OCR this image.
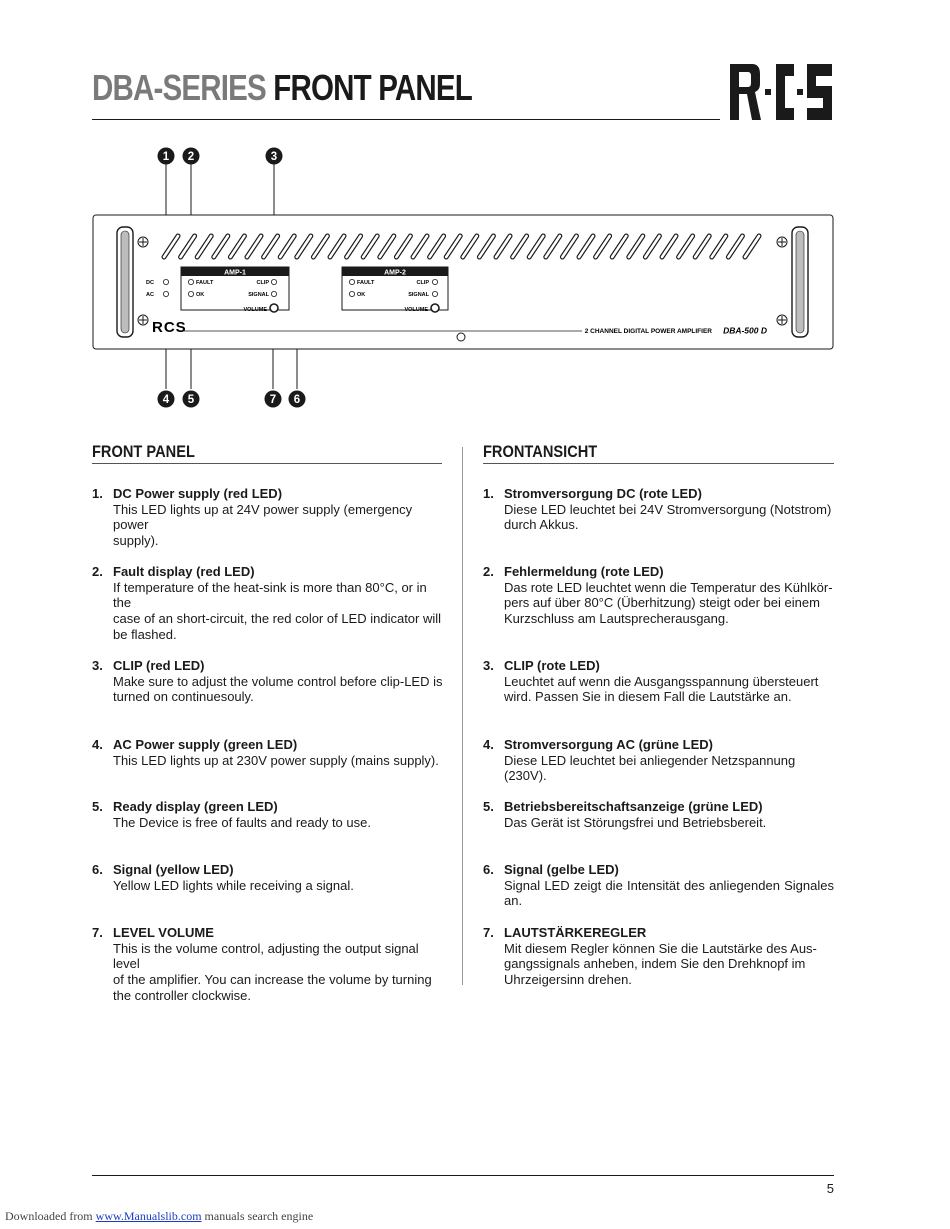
DBA-SERIES FRONT PANEL
RCS
DC
AC
AMP-1
FAULT
OK
CLIP
SIGNAL
VOLUME
AMP-2
FAULT
OK
CLIP
SIGNAL
VOLUME
RCS	2 CHANNEL DIGITAL POWER AMPLIFIER DBA-500 D
1 2	3
4 5	7 6
FRONT PANEL	FRONTANSICHT
1. DC Power supply (red LED)
This LED lights up at 24V power supply (emergency power
supply).
2. Fault display (red LED)
If temperature of the heat-sink is more than 80°C, or in the
case of an short-circuit, the red color of LED indicator will
be flashed.
3. CLIP (red LED)
Make sure to adjust the volume control before clip-LED is
turned on continuesouly.
4. AC Power supply (green LED)
This LED lights up at 230V power supply (mains supply).
5. Ready display (green LED)
The Device is free of faults and ready to use.
6. Signal (yellow LED)
Yellow LED lights while receiving a signal.
7. LEVEL VOLUME
This is the volume control, adjusting the output signal level
of the amplifier. You can increase the volume by turning
the controller clockwise.
1. Stromversorgung DC (rote LED)
Diese LED leuchtet bei 24V Stromversorgung (Notstrom)
durch Akkus.
2. Fehlermeldung (rote LED)
Das rote LED leuchtet wenn die Temperatur des Kühlkör-
pers auf über 80°C (Überhitzung) steigt oder bei einem
Kurzschluss am Lautsprecherausgang.
3. CLIP (rote LED)
Leuchtet auf wenn die Ausgangsspannung übersteuert
wird. Passen Sie in diesem Fall die Lautstärke an.
4. Stromversorgung AC (grüne LED)
Diese LED leuchtet bei anliegender Netzspannung
(230V).
5. Betriebsbereitschaftsanzeige (grüne LED)
Das Gerät ist Störungsfrei und Betriebsbereit.
6. Signal (gelbe LED)
Signal LED zeigt die Intensität des anliegenden Signales an.
7. LAUTSTÄRKEREGLER
Mit diesem Regler können Sie die Lautstärke des Aus-
gangssignals anheben, indem Sie den Drehknopf im
Uhrzeigersinn drehen.
5
Downloaded from www.Manualslib.com manuals search engine
